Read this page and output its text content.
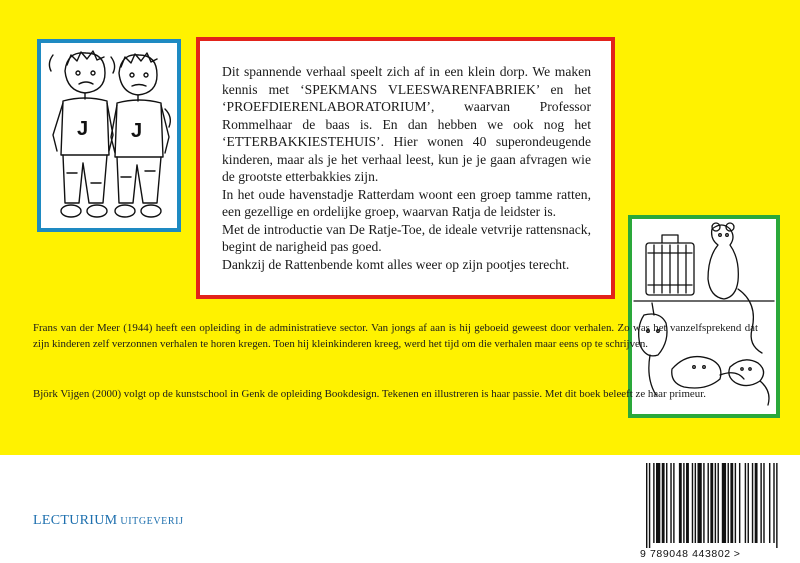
J J

Dit spannende verhaal speelt zich af in een klein dorp. We maken kennis met ‘SPEKMANS VLEESWARENFABRIEK’ en het ‘PROEFDIERENLABORATORIUM’, waarvan Professor Rommelhaar de baas is. En dan hebben we ook nog het ‘ETTERBAKKIESTEHUIS’. Hier wonen 40 superondeugende kinderen, maar als je het verhaal leest, kun je je gaan afvragen wie de grootste etterbakkies zijn.

In het oude havenstadje Ratterdam woont een groep tamme ratten, een gezellige en ordelijke groep, waarvan Ratja de leidster is.

Met de introductie van De Ratje-Toe, de ideale vetvrije rattensnack, begint de narigheid pas goed.

Dankzij de Rattenbende komt alles weer op zijn pootjes terecht.

Frans van der Meer (1944) heeft een opleiding in de administratieve sector. Van jongs af aan is hij geboeid geweest door verhalen. Zo was het vanzelfsprekend dat zijn kinderen zelf verzonnen verhalen te horen kregen. Toen hij kleinkinderen kreeg, werd het tijd om die verhalen maar eens op te schrijven.

Björk Vijgen (2000) volgt op de kunstschool in Genk de opleiding Bookdesign. Tekenen en illustreren is haar passie. Met dit boek beleeft ze haar primeur.

LECTURIUM UITGEVERIJ
9 789048 443802 >
